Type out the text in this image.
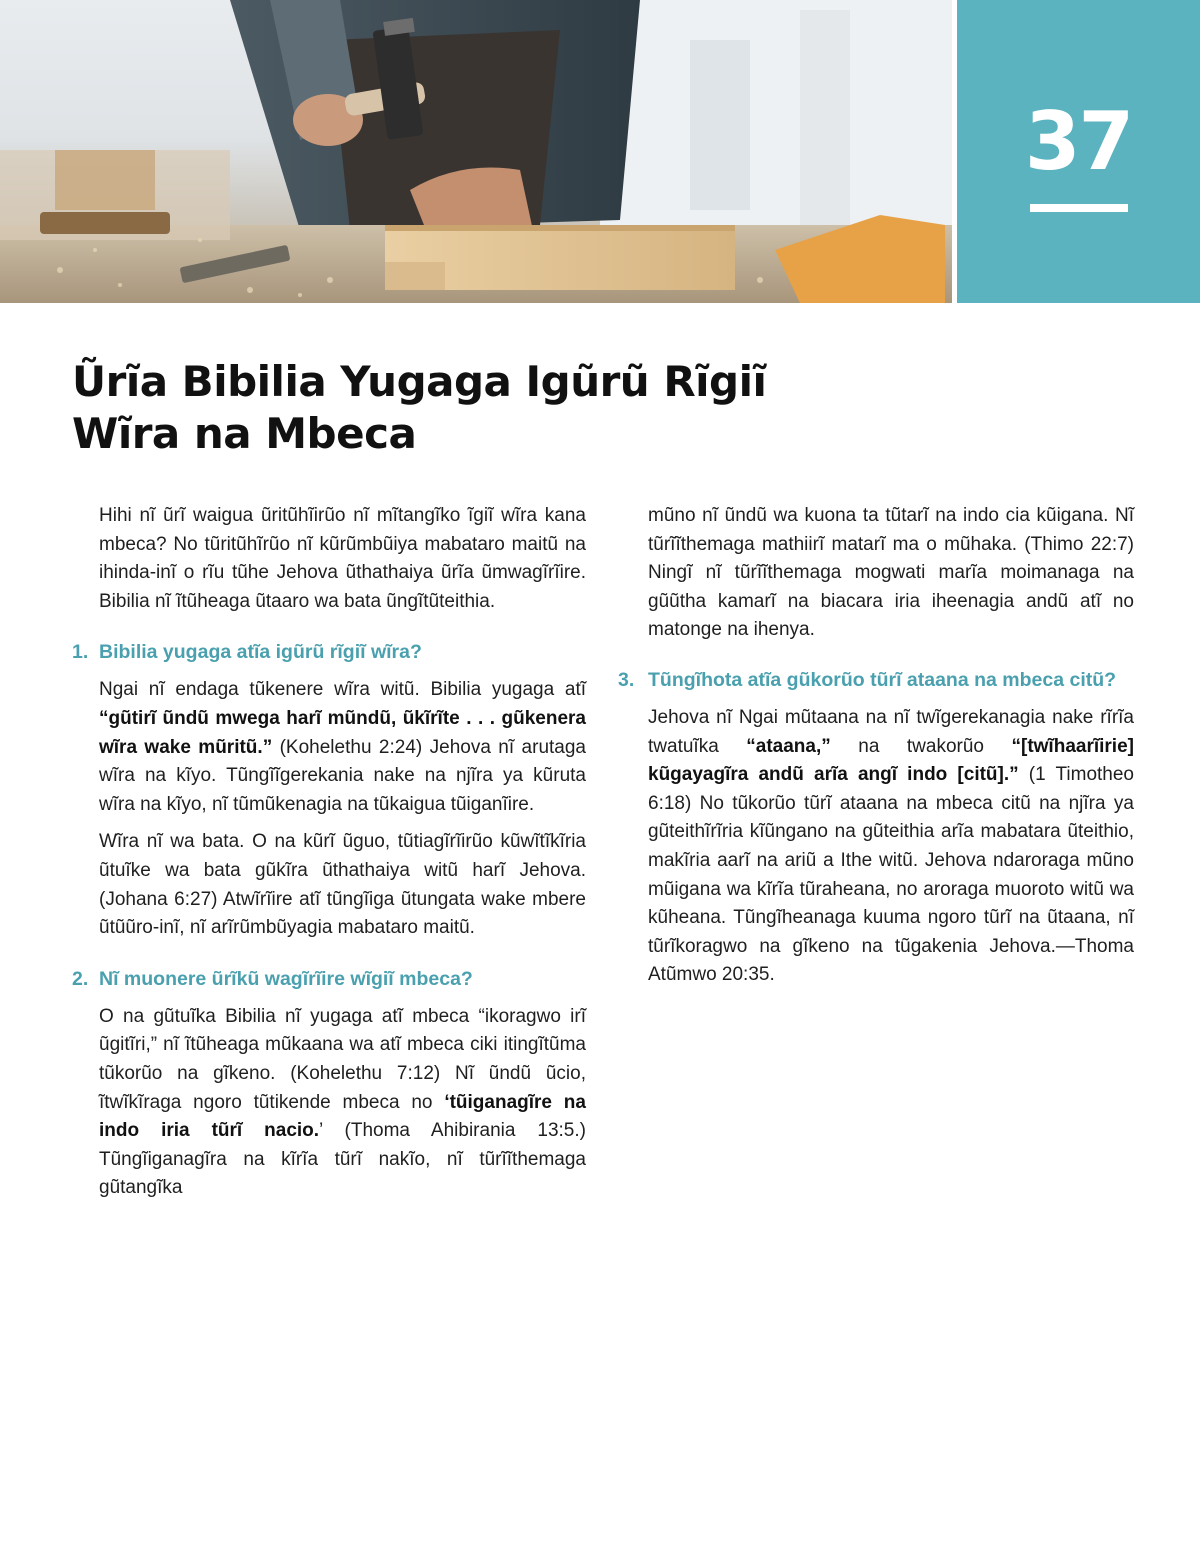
37
Ũrĩa Bibilia Yugaga Igũrũ Rĩgiĩ
Wĩra na Mbeca

Hihi nĩ ũrĩ waigua ũritũhĩirũo nĩ mĩtangĩko ĩgiĩ wĩra kana mbeca? No tũritũhĩrũo nĩ kũrũmbũiya mabataro maitũ na ihinda-inĩ o rĩu tũhe Jehova ũthathaiya ũrĩa ũmwagĩrĩire. Bibilia nĩ ĩtũheaga ũtaaro wa bata ũngĩtũteithia.

1. Bibilia yugaga atĩa igũrũ rĩgiĩ wĩra?

Ngai nĩ endaga tũkenere wĩra witũ. Bibilia yugaga atĩ “gũtirĩ ũndũ mwega harĩ mũndũ, ũkĩrĩte . . . gũkenera wĩra wake mũritũ.” (Kohelethu 2:24) Jehova nĩ arutaga wĩra na kĩyo. Tũngĩĩgerekania nake na njĩra ya kũruta wĩra na kĩyo, nĩ tũmũkenagia na tũkaigua tũiganĩire.

Wĩra nĩ wa bata. O na kũrĩ ũguo, tũtiagĩrĩirũo kũwĩtĩkĩria ũtuĩke wa bata gũkĩra ũthathaiya witũ harĩ Jehova. (Johana 6:27) Atwĩrĩire atĩ tũngĩiga ũtungata wake mbere ũtũũro-inĩ, nĩ arĩrũmbũyagia mabataro maitũ.

2. Nĩ muonere ũrĩkũ wagĩrĩire wĩgiĩ mbeca?

O na gũtuĩka Bibilia nĩ yugaga atĩ mbeca “ikoragwo irĩ ũgitĩri,” nĩ ĩtũheaga mũkaana wa atĩ mbeca ciki itingĩtũma tũkorũo na gĩkeno. (Kohelethu 7:12) Nĩ ũndũ ũcio, ĩtwĩkĩraga ngoro tũtikende mbeca no ‘tũiganagĩre na indo iria tũrĩ nacio.’ (Thoma Ahibirania 13:5.) Tũngĩiganagĩra na kĩrĩa tũrĩ nakĩo, nĩ tũrĩĩthemaga gũtangĩka

mũno nĩ ũndũ wa kuona ta tũtarĩ na indo cia kũigana. Nĩ tũrĩĩthemaga mathiirĩ matarĩ ma o mũhaka. (Thimo 22:7) Ningĩ nĩ tũrĩĩthemaga mogwati marĩa moimanaga na gũũtha kamarĩ na biacara iria iheenagia andũ atĩ no matonge na ihenya.

3. Tũngĩhota atĩa gũkorũo tũrĩ ataana na mbeca citũ?

Jehova nĩ Ngai mũtaana na nĩ twĩgerekanagia nake rĩrĩa twatuĩka “ataana,” na twakorũo “[twĩhaarĩirie] kũgayagĩra andũ arĩa angĩ indo [citũ].” (1 Timotheo 6:18) No tũkorũo tũrĩ ataana na mbeca citũ na njĩra ya gũteithĩrĩria kĩũngano na gũteithia arĩa mabatara ũteithio, makĩria aarĩ na ariũ a Ithe witũ. Jehova ndaroraga mũno mũigana wa kĩrĩa tũraheana, no aroraga muoroto witũ wa kũheana. Tũngĩheanaga kuuma ngoro tũrĩ na ũtaana, nĩ tũrĩkoragwo na gĩkeno na tũgakenia Jehova.—Thoma Atũmwo 20:35.
